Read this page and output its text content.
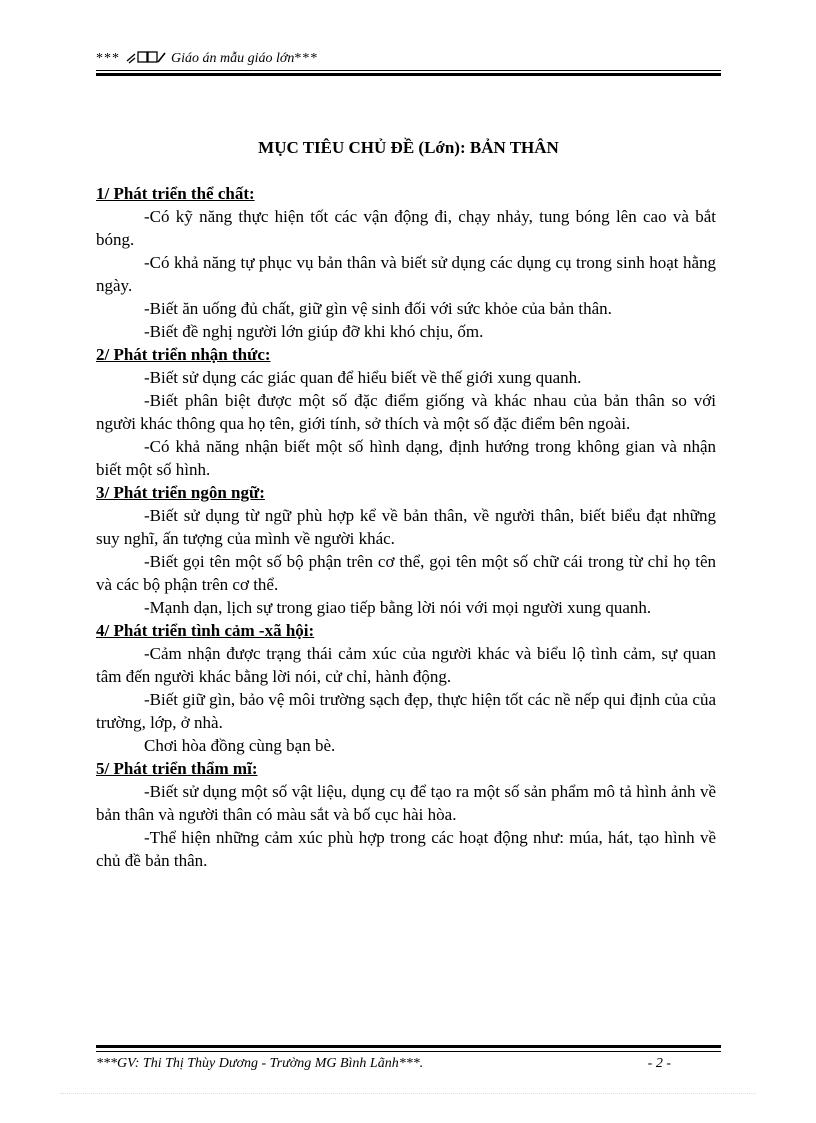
***	Giáo án mẫu giáo lớn***
MỤC TIÊU CHỦ ĐỀ (Lớn): BẢN THÂN

1/ Phát triển thể chất:

-Có kỹ năng thực hiện tốt các vận động đi, chạy nhảy, tung bóng lên cao và bắt bóng.

-Có khả năng tự phục vụ bản thân và biết sử dụng các dụng cụ trong sinh hoạt hằng ngày.

-Biết ăn uống đủ chất, giữ gìn vệ sinh đối với sức khỏe của bản thân.

-Biết đề nghị người lớn giúp đỡ khi khó chịu, ốm.

2/ Phát triển nhận thức:

-Biết sử dụng các giác quan để hiểu biết về thế giới xung quanh.

-Biết phân biệt được một số đặc điểm giống và khác nhau của bản thân so với người khác thông qua họ tên, giới tính, sở thích và một số đặc điểm bên ngoài.

-Có khả năng nhận biết một số hình dạng, định hướng trong không gian và nhận biết một số hình.

3/ Phát triển ngôn ngữ:

-Biết sử dụng từ ngữ phù hợp kể về bản thân, về người thân, biết biểu đạt những suy nghĩ, ấn tượng của mình về người khác.

-Biết gọi tên một số bộ phận trên cơ thể, gọi tên một số chữ cái trong từ chỉ họ tên và các bộ phận trên cơ thể.

-Mạnh dạn, lịch sự trong giao tiếp bằng lời nói với mọi người xung quanh.

4/ Phát triển tình cảm -xã hội:

-Cảm nhận được trạng thái cảm xúc của người khác và biểu lộ tình cảm, sự quan tâm đến người khác bằng lời nói, cử chỉ, hành động.

-Biết giữ gìn, bảo vệ môi trường sạch đẹp, thực hiện tốt các nề nếp qui định của của trường, lớp, ở nhà.

Chơi hòa đồng cùng bạn bè.

5/ Phát triển thẩm mĩ:

-Biết sử dụng một số vật liệu, dụng cụ để tạo ra một số sản phẩm mô tả hình ảnh về bản thân và người thân có màu sắt và bố cục hài hòa.

-Thể hiện những cảm xúc phù hợp trong các hoạt động như: múa, hát, tạo hình về chủ đề bản thân.

***GV: Thi Thị Thùy Dương - Trường MG Bình Lãnh***.	- 2 -
